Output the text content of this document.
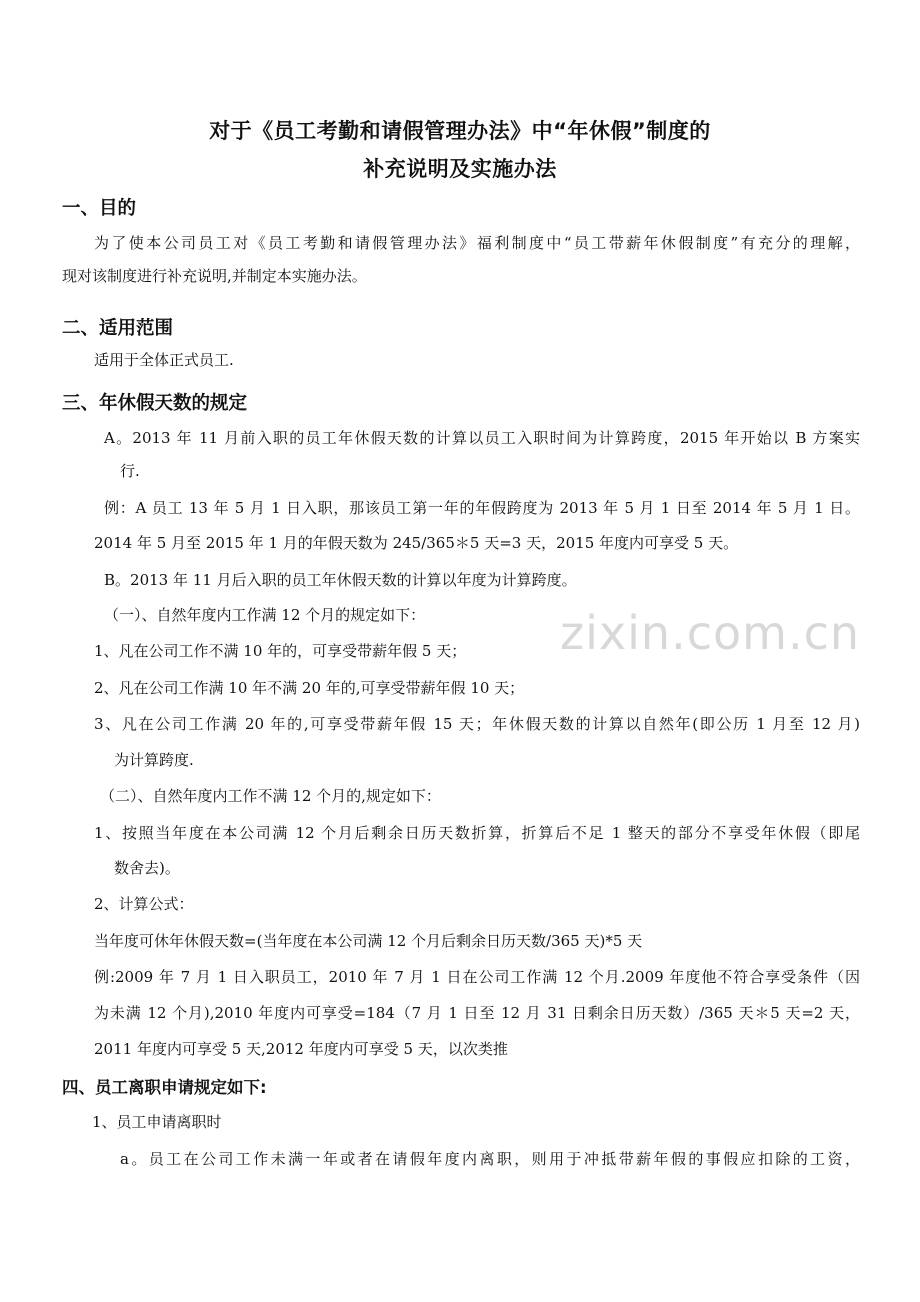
对于《员工考勤和请假管理办法》中“年休假”制度的
补充说明及实施办法
一、目的
为了使本公司员工对《员工考勤和请假管理办法》福利制度中“员工带薪年休假制度”有充分的理解，
现对该制度进行补充说明,并制定本实施办法。
二、适用范围
适用于全体正式员工.
三、年休假天数的规定
A。2013 年 11 月前入职的员工年休假天数的计算以员工入职时间为计算跨度，2015 年开始以 B 方案实
行.
例：A 员工 13 年 5 月 1 日入职，那该员工第一年的年假跨度为 2013 年 5 月 1 日至 2014 年 5 月 1 日。
2014 年 5 月至 2015 年 1 月的年假天数为 245/365＊5 天=3 天，2015 年度内可享受 5 天。
B。2013 年 11 月后入职的员工年休假天数的计算以年度为计算跨度。
（一）、自然年度内工作满 12 个月的规定如下：
1、凡在公司工作不满 10 年的，可享受带薪年假 5 天；
2、凡在公司工作满 10 年不满 20 年的,可享受带薪年假 10 天；
3、凡在公司工作满 20 年的,可享受带薪年假 15 天；年休假天数的计算以自然年(即公历 1 月至 12 月)
为计算跨度.
（二）、自然年度内工作不满 12 个月的,规定如下：
1、按照当年度在本公司满 12 个月后剩余日历天数折算，折算后不足 1 整天的部分不享受年休假（即尾
数舍去)。
2、计算公式：
当年度可休年休假天数=(当年度在本公司满 12 个月后剩余日历天数/365 天)*5 天
例:2009 年 7 月 1 日入职员工，2010 年 7 月 1 日在公司工作满 12 个月.2009 年度他不符合享受条件（因
为未满 12 个月),2010 年度内可享受=184（7 月 1 日至 12 月 31 日剩余日历天数）/365 天＊5 天=2 天，
2011 年度内可享受 5 天,2012 年度内可享受 5 天，以次类推
四、员工离职申请规定如下:
1、员工申请离职时
a。员工在公司工作未满一年或者在请假年度内离职，则用于冲抵带薪年假的事假应扣除的工资，
zixin.com.cn
